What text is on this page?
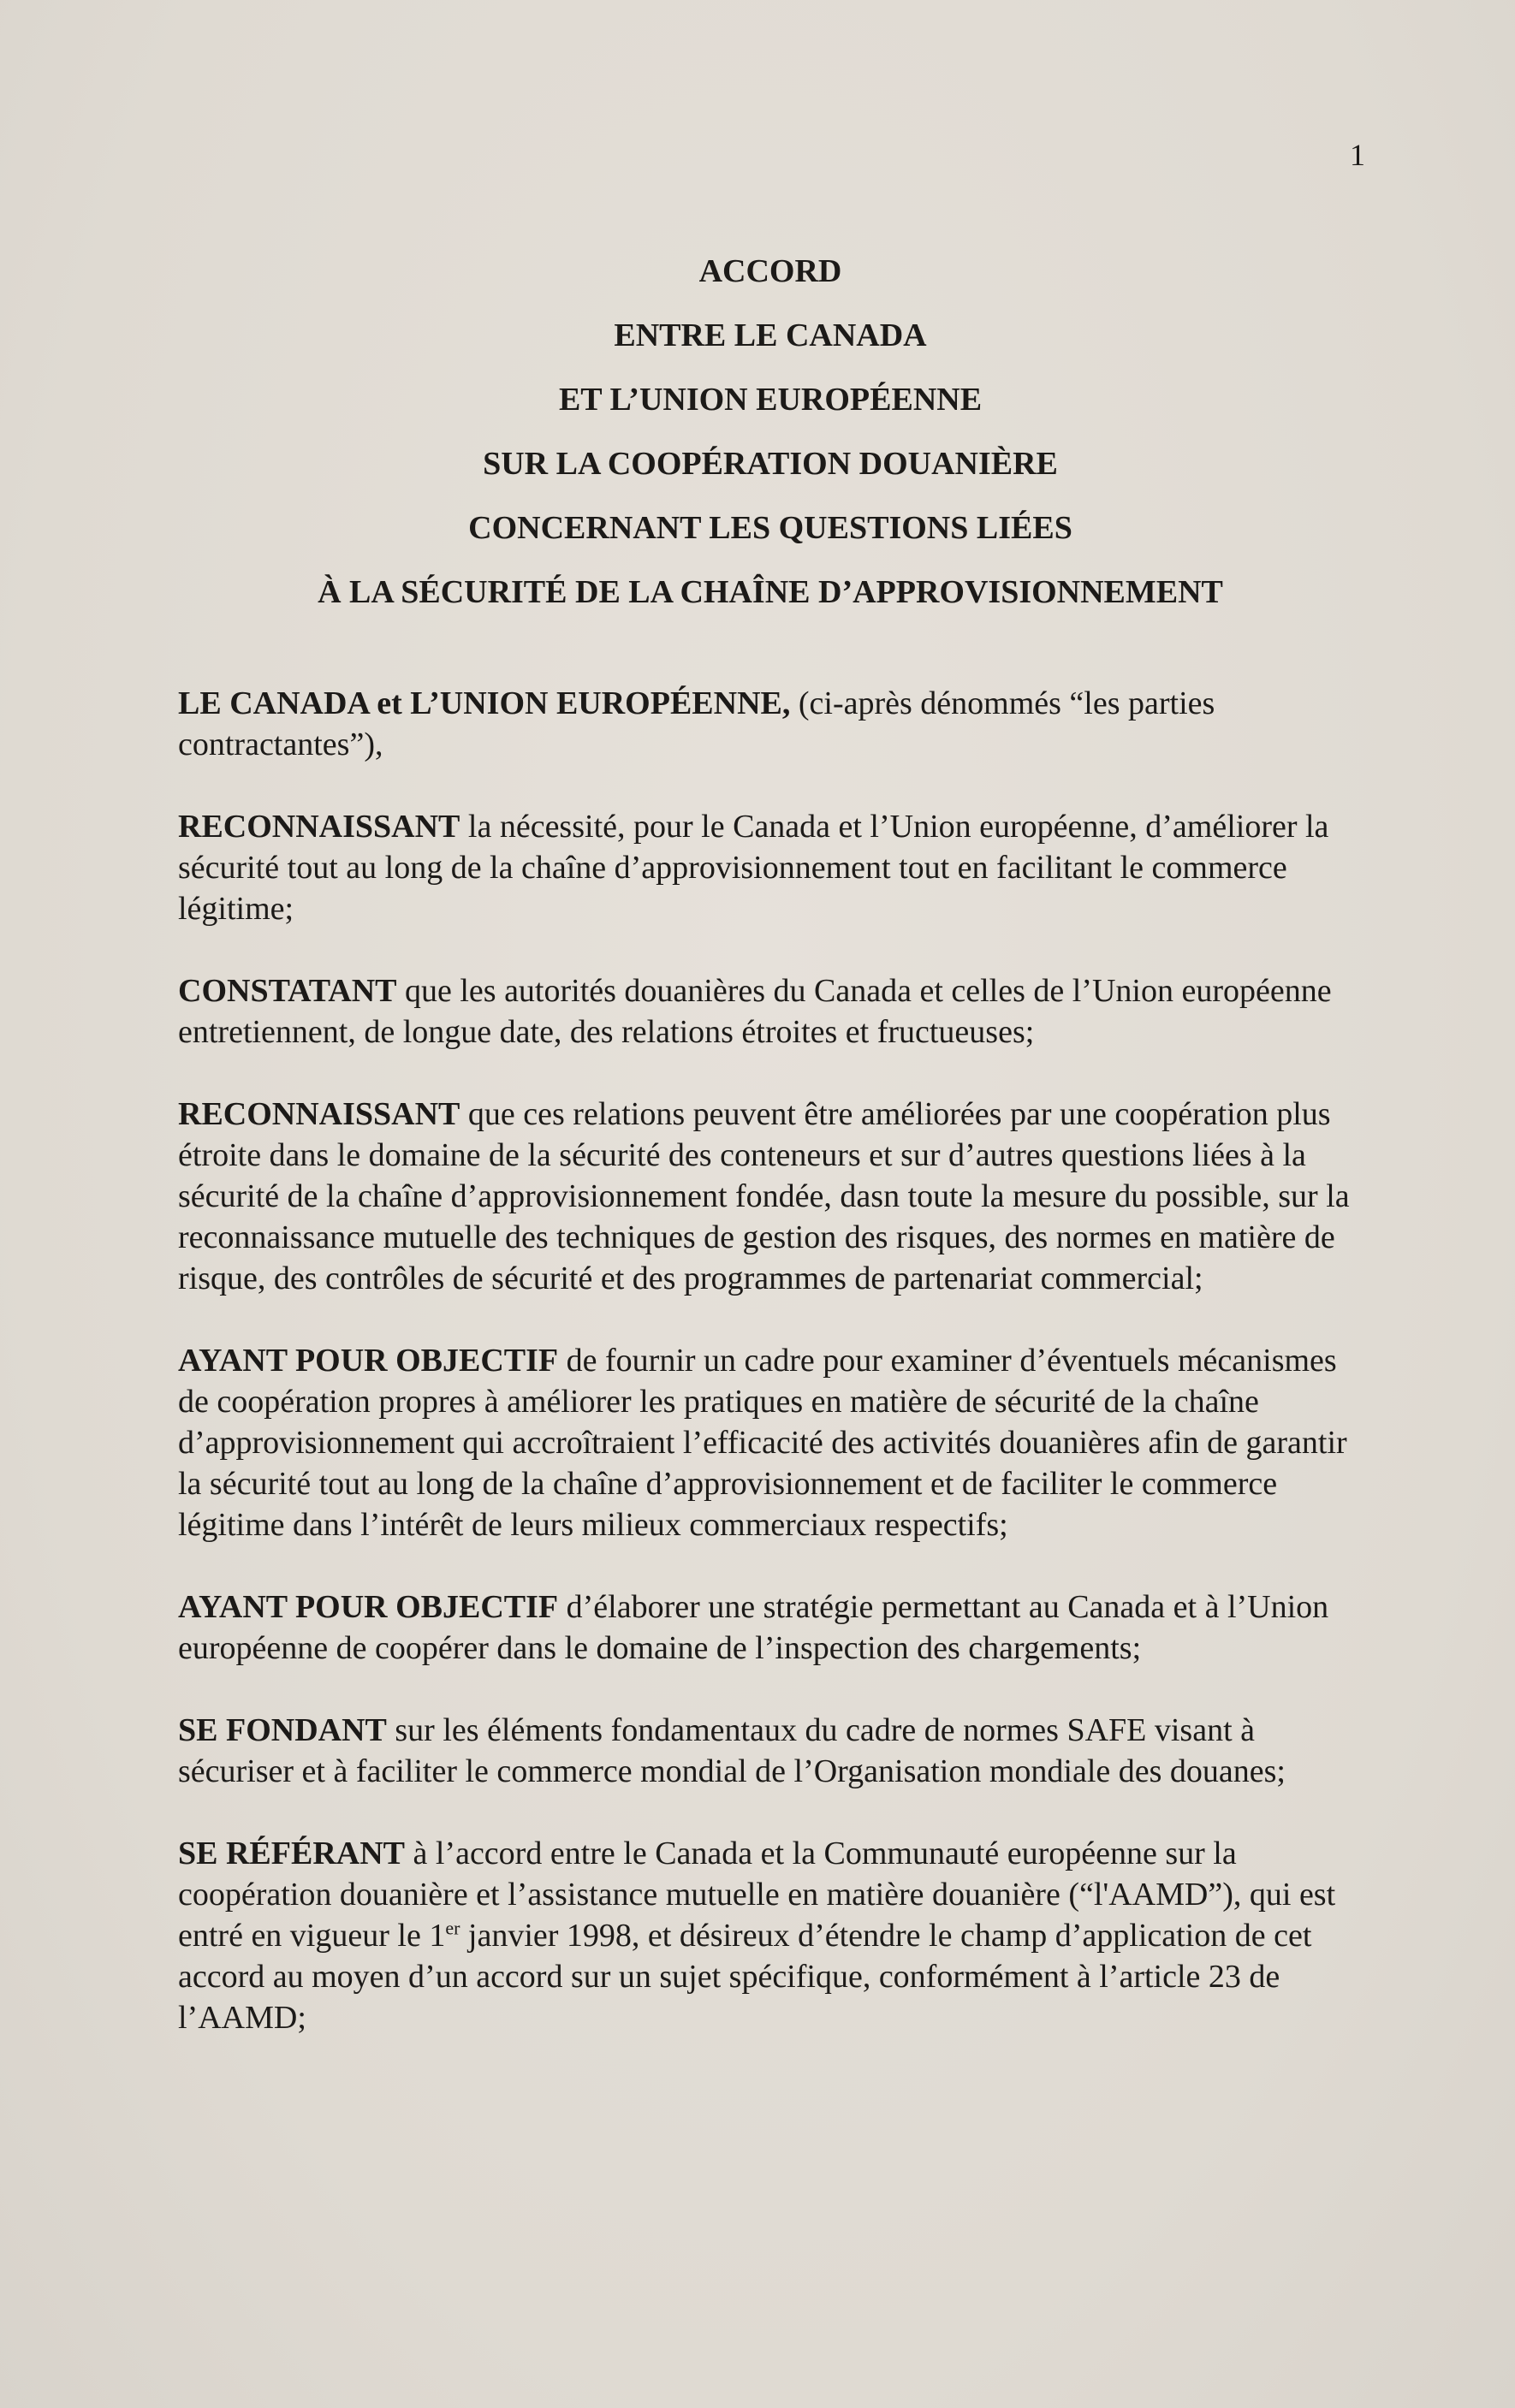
1
ACCORD
ENTRE LE CANADA
ET L’UNION EUROPÉENNE
SUR LA COOPÉRATION DOUANIÈRE
CONCERNANT LES QUESTIONS LIÉES
À LA SÉCURITÉ DE LA CHAÎNE D’APPROVISIONNEMENT

LE CANADA et L’UNION EUROPÉENNE, (ci-après dénommés “les parties contractantes”),

RECONNAISSANT la nécessité, pour le Canada et l’Union européenne, d’améliorer la sécurité tout au long de la chaîne d’approvisionnement tout en facilitant le commerce légitime;

CONSTATANT que les autorités douanières du Canada et celles de l’Union européenne entretiennent, de longue date, des relations étroites et fructueuses;

RECONNAISSANT que ces relations peuvent être améliorées par une coopération plus étroite dans le domaine de la sécurité des conteneurs et sur d’autres questions liées à la sécurité de la chaîne d’approvisionnement fondée, dasn toute la mesure du possible, sur la reconnaissance mutuelle des techniques de gestion des risques, des normes en matière de risque, des contrôles de sécurité et des programmes de partenariat commercial;

AYANT POUR OBJECTIF de fournir un cadre pour examiner d’éventuels mécanismes de coopération propres à améliorer les pratiques en matière de sécurité de la chaîne d’approvisionnement qui accroîtraient l’efficacité des activités douanières afin de garantir la sécurité tout au long de la chaîne d’approvisionnement et de faciliter le commerce légitime dans l’intérêt de leurs milieux commerciaux respectifs;

AYANT POUR OBJECTIF d’élaborer une stratégie permettant au Canada et à l’Union européenne de coopérer dans le domaine de l’inspection des chargements;

SE FONDANT sur les éléments fondamentaux du cadre de normes SAFE visant à sécuriser et à faciliter le commerce mondial de l’Organisation mondiale des douanes;

SE RÉFÉRANT à l’accord entre le Canada et la Communauté européenne sur la coopération douanière et l’assistance mutuelle en matière douanière (“l'AAMD”), qui est entré en vigueur le 1er janvier 1998, et désireux d’étendre le champ d’application de cet accord au moyen d’un accord sur un sujet spécifique, conformément à l’article 23 de l’AAMD;
